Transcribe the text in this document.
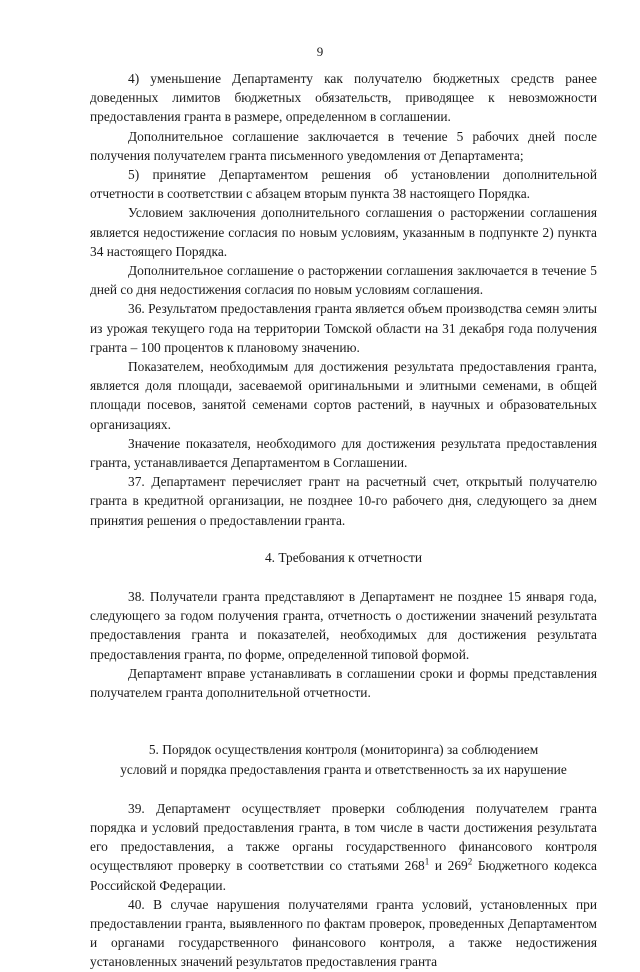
9

4) уменьшение Департаменту как получателю бюджетных средств ранее доведенных лимитов бюджетных обязательств, приводящее к невозможности предоставления гранта в размере, определенном в соглашении.

Дополнительное соглашение заключается в течение 5 рабочих дней после получения получателем гранта письменного уведомления от Департамента;

5) принятие Департаментом решения об установлении дополнительной отчетности в соответствии с абзацем вторым пункта 38 настоящего Порядка.

Условием заключения дополнительного соглашения о расторжении соглашения является недостижение согласия по новым условиям, указанным в подпункте 2) пункта 34 настоящего Порядка.

Дополнительное соглашение о расторжении соглашения заключается в течение 5 дней со дня недостижения согласия по новым условиям соглашения.

36. Результатом предоставления гранта является объем производства семян элиты из урожая текущего года на территории Томской области на 31 декабря года получения гранта – 100 процентов к плановому значению.

Показателем, необходимым для достижения результата предоставления гранта, является доля площади, засеваемой оригинальными и элитными семенами, в общей площади посевов, занятой семенами сортов растений, в научных и образовательных организациях.

Значение показателя, необходимого для достижения результата предоставления гранта, устанавливается Департаментом в Соглашении.

37. Департамент перечисляет грант на расчетный счет, открытый получателю гранта в кредитной организации, не позднее 10-го рабочего дня, следующего за днем принятия решения о предоставлении гранта.

4. Требования к отчетности

38. Получатели гранта представляют в Департамент не позднее 15 января года, следующего за годом получения гранта, отчетность о достижении значений результата предоставления гранта и показателей, необходимых для достижения результата предоставления гранта, по форме, определенной типовой формой.

Департамент вправе устанавливать в соглашении сроки и формы представления получателем гранта дополнительной отчетности.

5. Порядок осуществления контроля (мониторинга) за соблюдением

условий и порядка предоставления гранта и ответственность за их нарушение

39. Департамент осуществляет проверки соблюдения получателем гранта порядка и условий предоставления гранта, в том числе в части достижения результата его предоставления, а также органы государственного финансового контроля осуществляют проверку в соответствии со статьями $268^1$ и $269^2$ Бюджетного кодекса Российской Федерации.

40. В случае нарушения получателями гранта условий, установленных при предоставлении гранта, выявленного по фактам проверок, проведенных Департаментом и органами государственного финансового контроля, а также недостижения установленных значений результатов предоставления гранта
